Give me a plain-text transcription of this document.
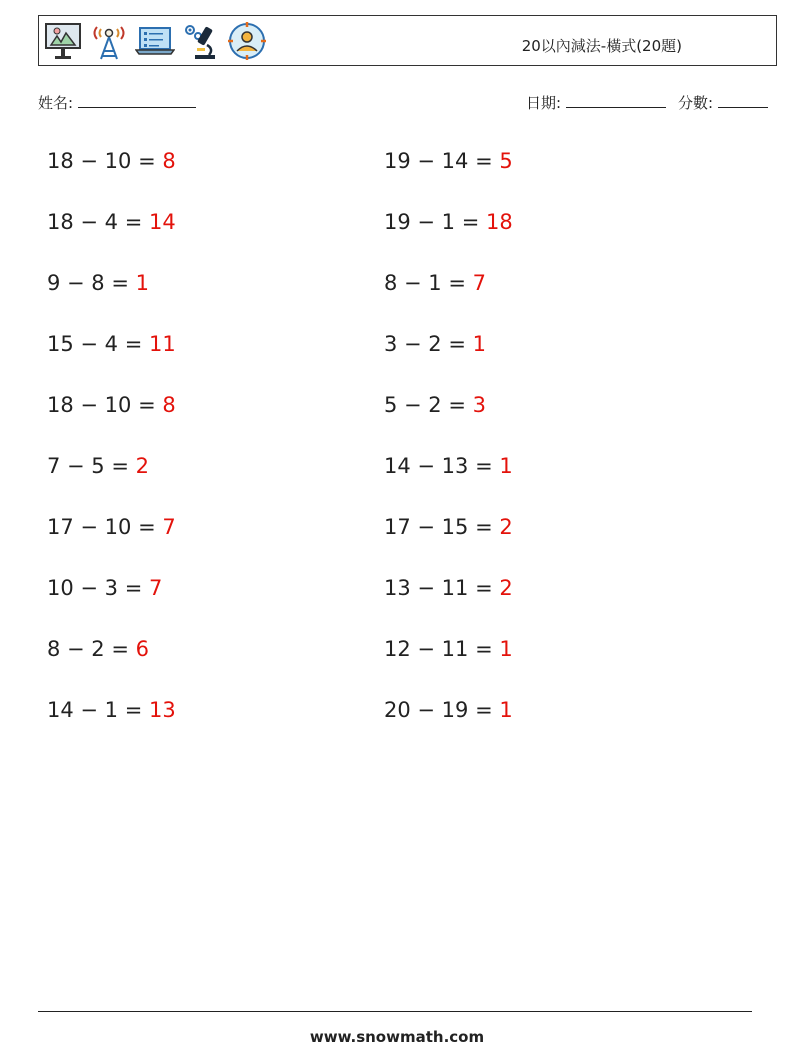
20以內減法-橫式(20題)
姓名:	日期:	分數:
18 − 10 = 8
18 − 4 = 14
9 − 8 = 1
15 − 4 = 11
18 − 10 = 8
7 − 5 = 2
17 − 10 = 7
10 − 3 = 7
8 − 2 = 6
14 − 1 = 13
19 − 14 = 5
19 − 1 = 18
8 − 1 = 7
3 − 2 = 1
5 − 2 = 3
14 − 13 = 1
17 − 15 = 2
13 − 11 = 2
12 − 11 = 1
20 − 19 = 1
www.snowmath.com
